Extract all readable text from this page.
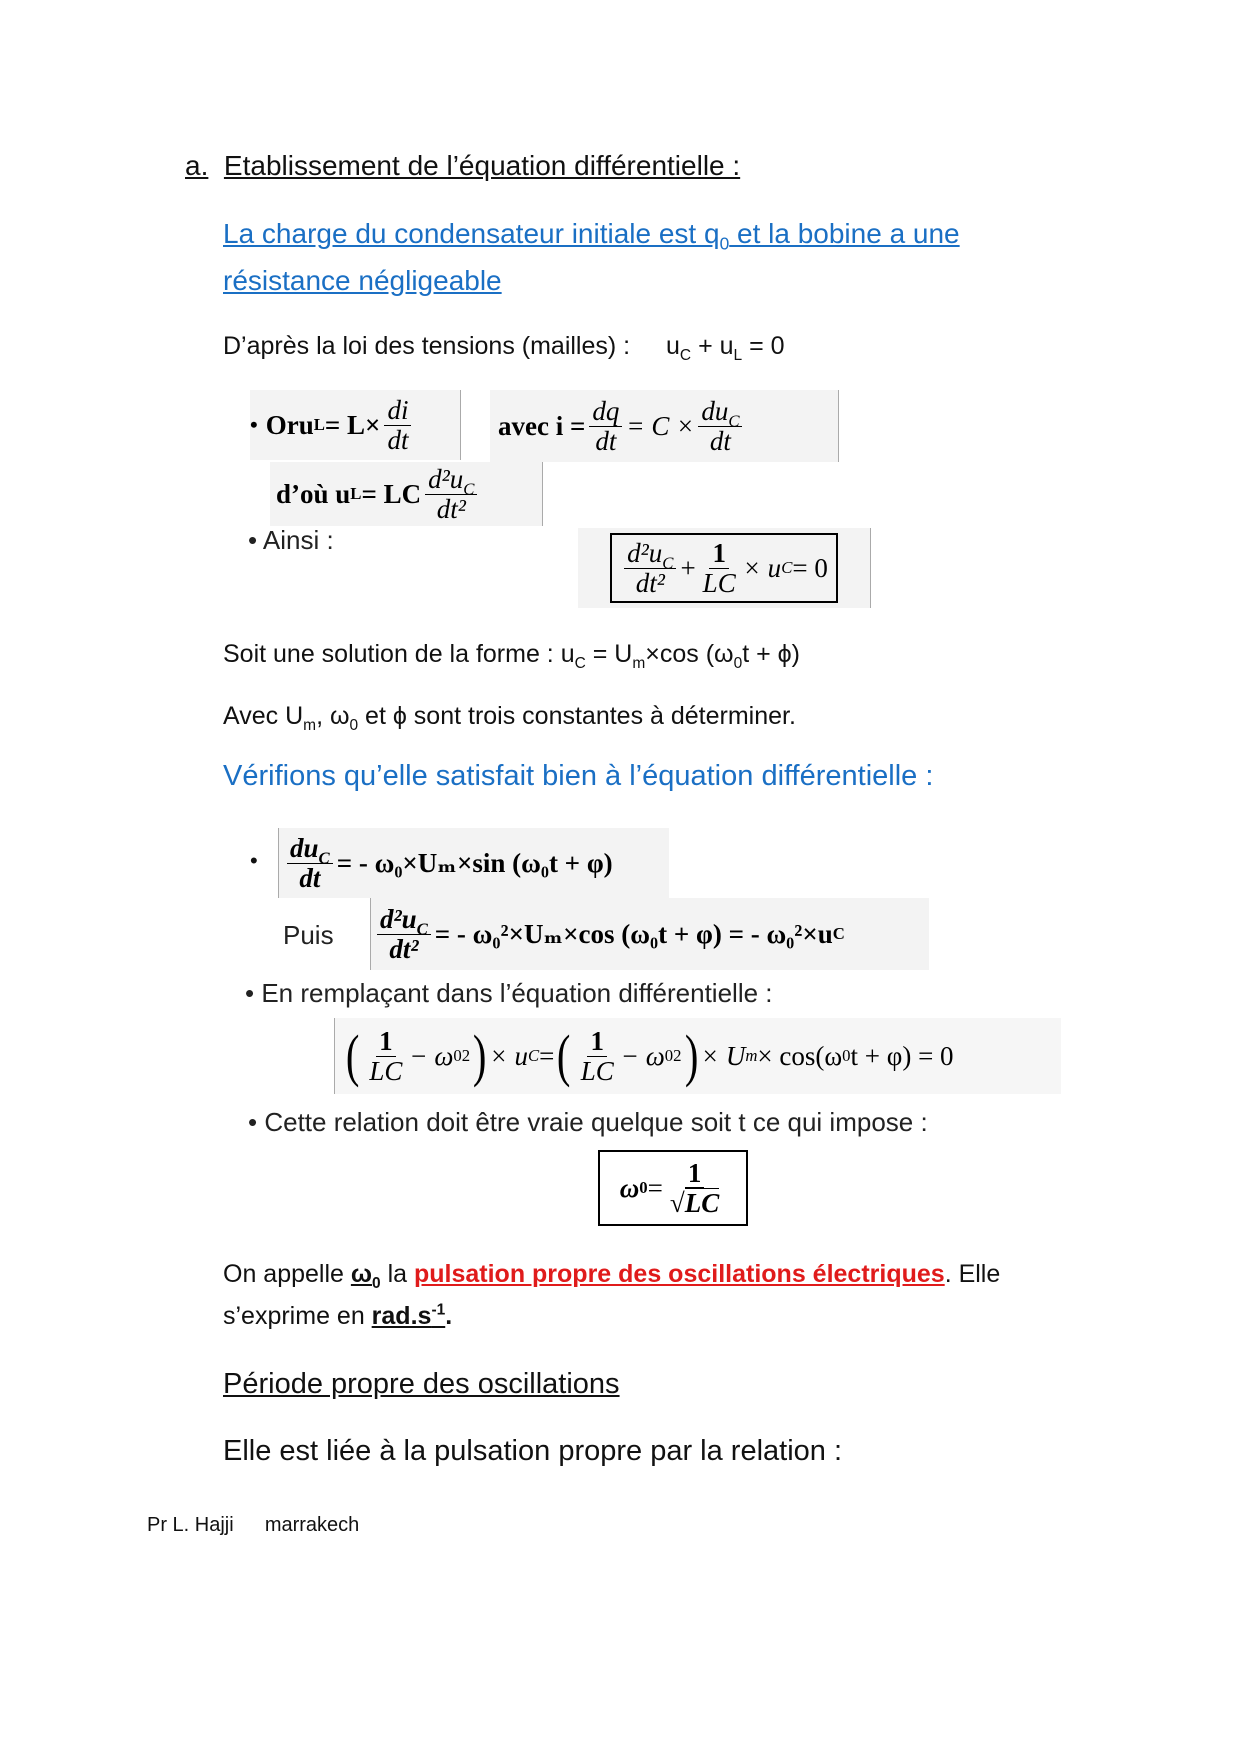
a. Etablissement de l’équation différentielle :
La charge du condensateur initiale est $q_0$ et la bobine a une
résistance négligeable
D’après la loi des tensions (mailles) : $u_C + u_L = 0$
• Or u $L = L\times \frac{di}{dt}$	avec $i = \frac{dq}{dt} = C \times \frac{du_C}{dt}$
d’où u L = LC $\frac{d^2u_C}{\text{dt²}}$
• Ainsi :	$\frac{d^2u_C}{\text{dt²}} + \frac{1}{LC} \times u$ C = 0
Soit une solution de la forme : $u_C = U_m\times\cos$ $(\omega_0t + \phi)$
Avec $U_m$, $\omega_0$ et ϕ sont trois constantes à déterminer.
Vérifions qu’elle satisfait bien à l’équation différentielle :
• $\frac{du_C}{dt}$ = - ω₀×Uₘ×sin (ω₀t + φ)
Puis $\frac{d^2u_C}{\text{dt²}}$ = - ω₀²×Uₘ×cos (ω₀t + φ) = - ω₀²×u C
• En remplaçant dans l’équation différentielle :
( $\frac{1}{LC} - \omega$ 0 2 ) × u C = ( $\frac{1}{LC} - \omega$ 0 2 ) × U m × cos(ω 0 t + φ) = 0
• Cette relation doit être vraie quelque soit t ce qui impose :
ω $0 = \frac{1}{√ LC}$
On appelle $\omega_0$ la pulsation propre des oscillations électriques. Elle
s’exprime en $rad.s^{-1}$.
Période propre des oscillations
Elle est liée à la pulsation propre par la relation :
Pr L. Hajji marrakech
